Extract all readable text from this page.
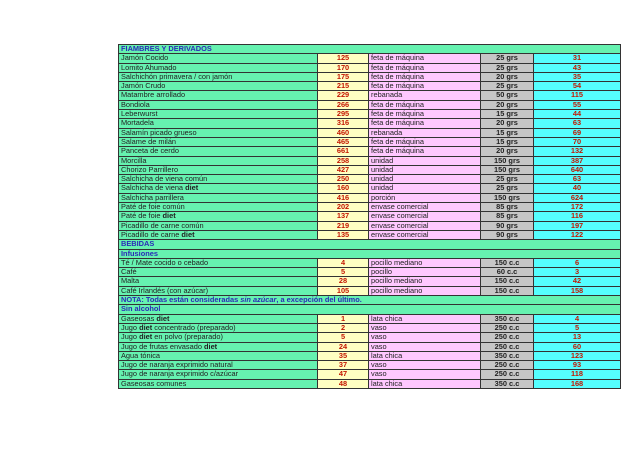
FIAMBRES Y DERIVADOS				
Jamón Cocido	125	feta de máquina	25 grs	31
Lomito Ahumado	170	feta de máquina	25 grs	43
Salchichón primavera / con jamón	175	feta de máquina	20 grs	35
Jamón Crudo	215	feta de máquina	25 grs	54
Matambre arrollado	229	rebanada	50 grs	115
Bondiola	266	feta de máquina	20 grs	55
Leberwurst	295	feta de máquina	15 grs	44
Mortadela	316	feta de máquina	20 grs	63
Salamín picado grueso	460	rebanada	15 grs	69
Salame de milán	465	feta de máquina	15 grs	70
Panceta de cerdo	661	feta de máquina	20 grs	132
Morcilla	258	unidad	150 grs	387
Chorizo Parrillero	427	unidad	150 grs	640
Salchicha de viena común	250	unidad	25 grs	63
Salchicha de viena diet	160	unidad	25 grs	40
Salchicha parrillera	416	porción	150 grs	624
Paté de foie común	202	envase comercial	85 grs	172
Paté de foie diet	137	envase comercial	85 grs	116
Picadillo de carne común	219	envase comercial	90 grs	197
Picadillo de carne diet	135	envase comercial	90 grs	122
BEBIDAS				
Infusiones				
Té / Mate cocido o cebado	4	pocillo mediano	150 c.c	6
Café	5	pocillo	60 c.c	3
Malta	28	pocillo mediano	150 c.c	42
Café Irlandés (con azúcar)	105	pocillo mediano	150 c.c	158
NOTA: Todas están consideradas sin azúcar, a excepción del último.				
Sin alcohol				
Gaseosas diet	1	lata chica	350 c.c	4
Jugo diet concentrado (preparado)	2	vaso	250 c.c	5
Jugo diet en polvo (preparado)	5	vaso	250 c.c	13
Jugo de frutas envasado diet	24	vaso	250 c.c	60
Agua tónica	35	lata chica	350 c.c	123
Jugo de naranja exprimido natural	37	vaso	250 c.c	93
Jugo de naranja exprimido c/azúcar	47	vaso	250 c.c	118
Gaseosas comunes	48	lata chica	350 c.c	168
